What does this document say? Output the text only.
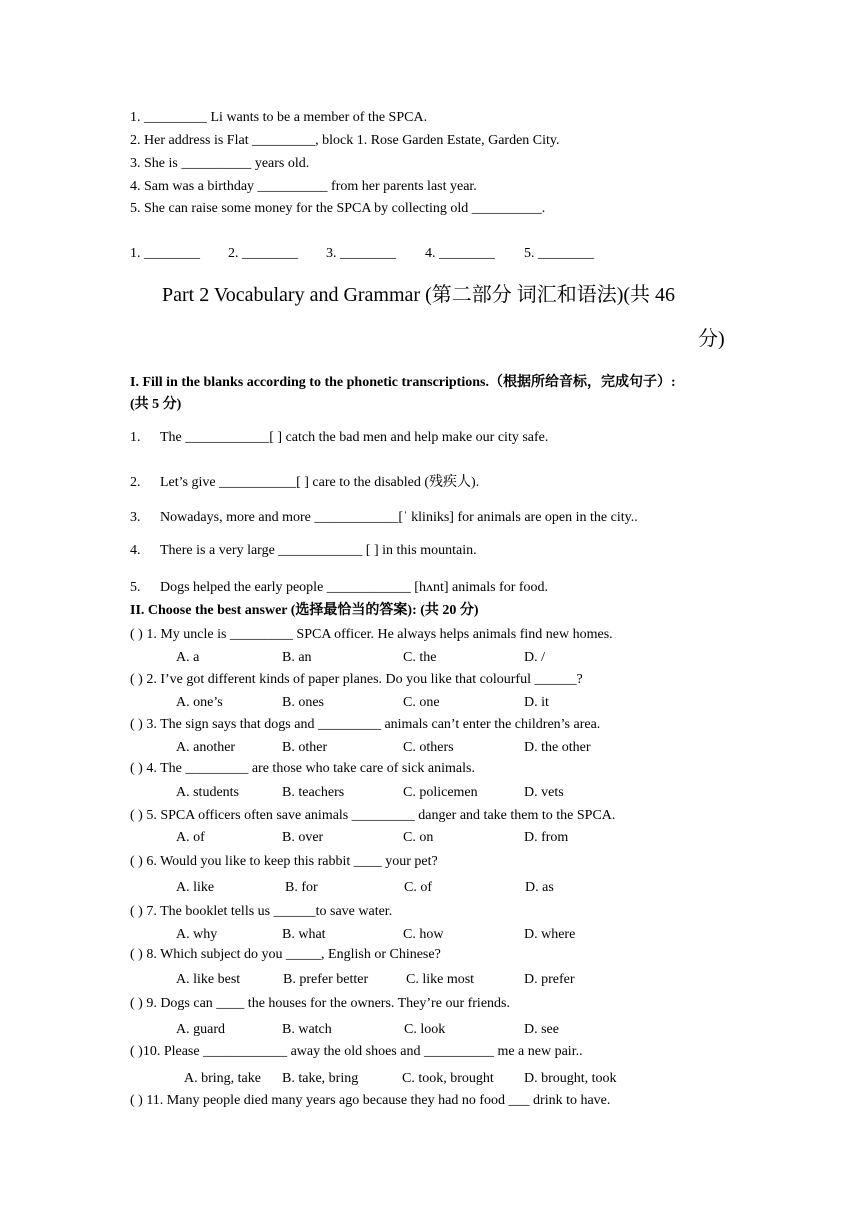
1. _________ Li wants to be a member of the SPCA.
2. Her address is Flat _________, block 1. Rose Garden Estate, Garden City.
3. She is __________ years old.
4. Sam was a birthday __________ from her parents last year.
5. She can raise some money for the SPCA by collecting old __________.
1. ________ 2. ________ 3. ________ 4. ________ 5. ________
Part 2 Vocabulary and Grammar (第二部分 词汇和语法)(共 46
分)
I. Fill in the blanks according to the phonetic transcriptions.（根据所给音标，完成句子）:
(共 5 分)
1. The ____________[ ] catch the bad men and help make our city safe.
2. Let’s give ___________[ ] care to the disabled (残疾人).
3. Nowadays, more and more ____________[ˈ kliniks] for animals are open in the city..
4. There is a very large ____________ [ ] in this mountain.
5. Dogs helped the early people ____________ [hʌnt] animals for food.
II. Choose the best answer (选择最恰当的答案): (共 20 分)
( ) 1. My uncle is _________ SPCA officer. He always helps animals find new homes.
A. a	B. an	C. the	D. /
( ) 2. I’ve got different kinds of paper planes. Do you like that colourful ______?
A. one’s	B. ones	C. one	D. it
( ) 3. The sign says that dogs and _________ animals can’t enter the children’s area.
A. another	B. other	C. others	D. the other
( ) 4. The _________ are those who take care of sick animals.
A. students	B. teachers	C. policemen	D. vets
( ) 5. SPCA officers often save animals _________ danger and take them to the SPCA.
A. of	B. over	C. on	D. from
( ) 6. Would you like to keep this rabbit ____ your pet?
A. like	B. for	C. of	D. as
( ) 7. The booklet tells us ______to save water.
A. why	B. what	C. how	D. where
( ) 8. Which subject do you _____, English or Chinese?
A. like best	B. prefer better	C. like most	D. prefer
( ) 9. Dogs can ____ the houses for the owners. They’re our friends.
A. guard	B. watch	C. look	D. see
( )10. Please ____________ away the old shoes and __________ me a new pair..
A. bring, take B. take, bring	C. took, brought D. brought, took
( ) 11. Many people died many years ago because they had no food ___ drink to have.
